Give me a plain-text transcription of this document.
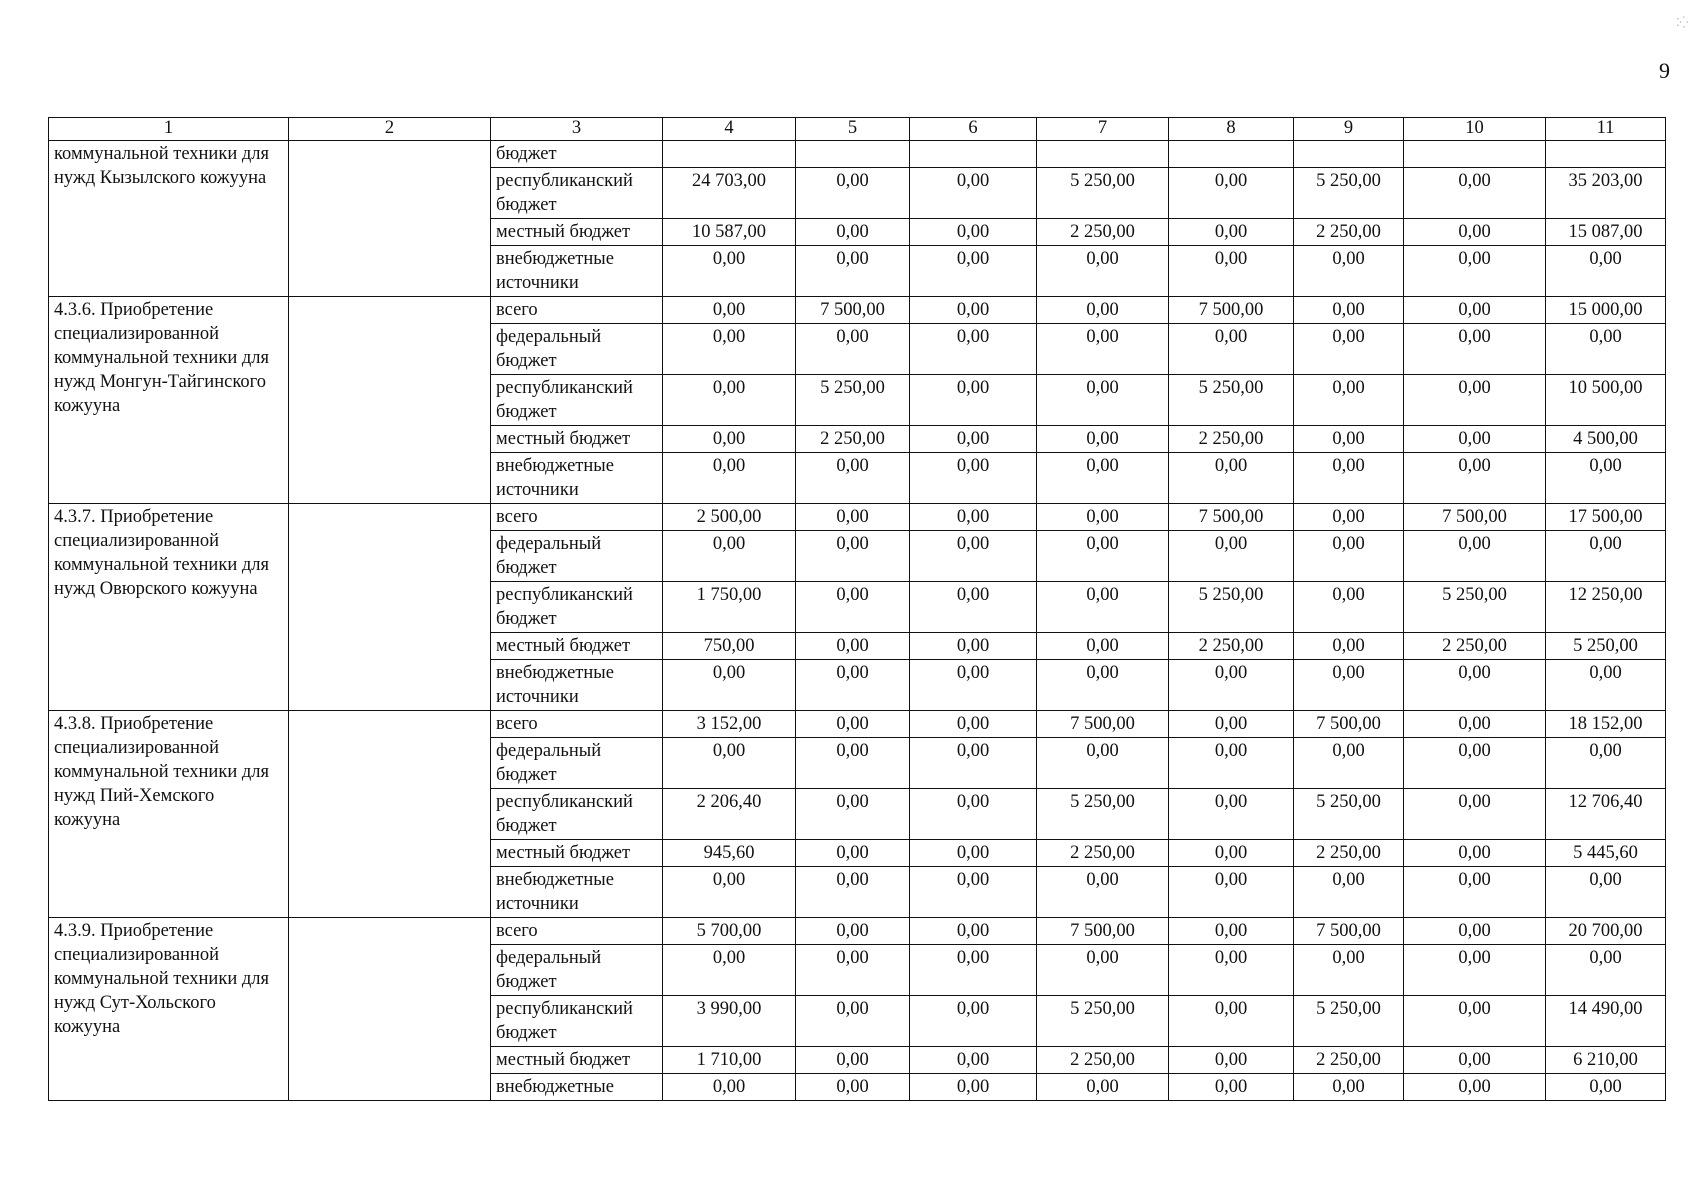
⁚⁛
9
1	2	3	4	5	6	7	8	9	10	11
коммунальной техники для нужд Кызылского кожууна		бюджет								
		республиканский бюджет	24 703,00	0,00	0,00	5 250,00	0,00	5 250,00	0,00	35 203,00
		местный бюджет	10 587,00	0,00	0,00	2 250,00	0,00	2 250,00	0,00	15 087,00
		внебюджетные источники	0,00	0,00	0,00	0,00	0,00	0,00	0,00	0,00
4.3.6. Приобретение специализированной коммунальной техники для нужд Монгун-Тайгинского кожууна		всего	0,00	7 500,00	0,00	0,00	7 500,00	0,00	0,00	15 000,00
		федеральный бюджет	0,00	0,00	0,00	0,00	0,00	0,00	0,00	0,00
		республиканский бюджет	0,00	5 250,00	0,00	0,00	5 250,00	0,00	0,00	10 500,00
		местный бюджет	0,00	2 250,00	0,00	0,00	2 250,00	0,00	0,00	4 500,00
		внебюджетные источники	0,00	0,00	0,00	0,00	0,00	0,00	0,00	0,00
4.3.7. Приобретение специализированной коммунальной техники для нужд Овюрского кожууна		всего	2 500,00	0,00	0,00	0,00	7 500,00	0,00	7 500,00	17 500,00
		федеральный бюджет	0,00	0,00	0,00	0,00	0,00	0,00	0,00	0,00
		республиканский бюджет	1 750,00	0,00	0,00	0,00	5 250,00	0,00	5 250,00	12 250,00
		местный бюджет	750,00	0,00	0,00	0,00	2 250,00	0,00	2 250,00	5 250,00
		внебюджетные источники	0,00	0,00	0,00	0,00	0,00	0,00	0,00	0,00
4.3.8. Приобретение специализированной коммунальной техники для нужд Пий-Хемского кожууна		всего	3 152,00	0,00	0,00	7 500,00	0,00	7 500,00	0,00	18 152,00
		федеральный бюджет	0,00	0,00	0,00	0,00	0,00	0,00	0,00	0,00
		республиканский бюджет	2 206,40	0,00	0,00	5 250,00	0,00	5 250,00	0,00	12 706,40
		местный бюджет	945,60	0,00	0,00	2 250,00	0,00	2 250,00	0,00	5 445,60
		внебюджетные источники	0,00	0,00	0,00	0,00	0,00	0,00	0,00	0,00
4.3.9. Приобретение специализированной коммунальной техники для нужд Сут-Хольского кожууна		всего	5 700,00	0,00	0,00	7 500,00	0,00	7 500,00	0,00	20 700,00
		федеральный бюджет	0,00	0,00	0,00	0,00	0,00	0,00	0,00	0,00
		республиканский бюджет	3 990,00	0,00	0,00	5 250,00	0,00	5 250,00	0,00	14 490,00
		местный бюджет	1 710,00	0,00	0,00	2 250,00	0,00	2 250,00	0,00	6 210,00
		внебюджетные	0,00	0,00	0,00	0,00	0,00	0,00	0,00	0,00
